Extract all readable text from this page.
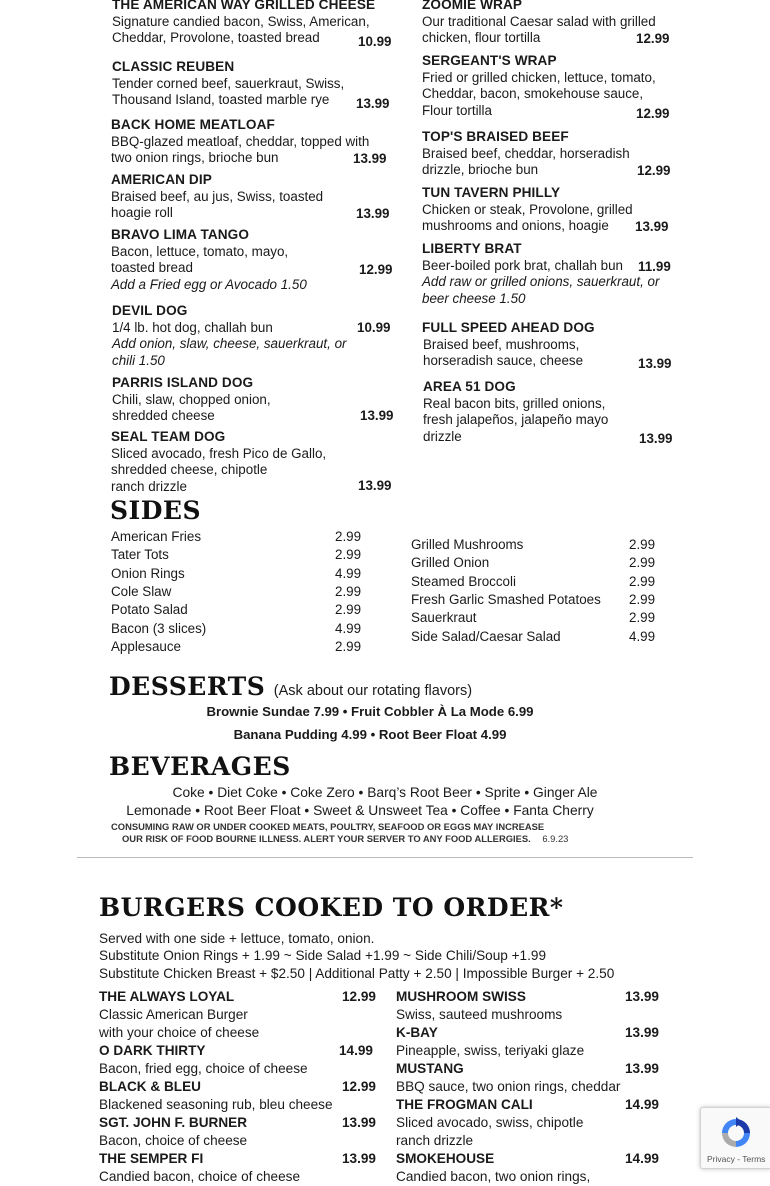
THE AMERICAN WAY GRILLED CHEESE
Signature candied bacon, Swiss, American,
Cheddar, Provolone, toasted bread	10.99
CLASSIC REUBEN
Tender corned beef, sauerkraut, Swiss,
Thousand Island, toasted marble rye	13.99
BACK HOME MEATLOAF
BBQ-glazed meatloaf, cheddar, topped with
two onion rings, brioche bun	13.99
AMERICAN DIP
Braised beef, au jus, Swiss, toasted
hoagie roll	13.99
BRAVO LIMA TANGO
Bacon, lettuce, tomato, mayo,
toasted bread
Add a Fried egg or Avocado 1.50
12.99
DEVIL DOG
1/4 lb. hot dog, challah bun
Add onion, slaw, cheese, sauerkraut, or
chili 1.50
10.99
PARRIS ISLAND DOG
Chili, slaw, chopped onion,
shredded cheese	13.99
SEAL TEAM DOG
Sliced avocado, fresh Pico de Gallo,
shredded cheese, chipotle
ranch drizzle	13.99
ZOOMIE WRAP
Our traditional Caesar salad with grilled
chicken, flour tortilla	12.99
SERGEANT'S WRAP
Fried or grilled chicken, lettuce, tomato,
Cheddar, bacon, smokehouse sauce,
Flour tortilla	12.99
TOP'S BRAISED BEEF
Braised beef, cheddar, horseradish
drizzle, brioche bun	12.99
TUN TAVERN PHILLY
Chicken or steak, Provolone, grilled
mushrooms and onions, hoagie	13.99
LIBERTY BRAT
Beer-boiled pork brat, challah bun
Add raw or grilled onions, sauerkraut, or
beer cheese 1.50
11.99
FULL SPEED AHEAD DOG
Braised beef, mushrooms,
horseradish sauce, cheese	13.99
AREA 51 DOG
Real bacon bits, grilled onions,
fresh jalapeños, jalapeño mayo
drizzle	13.99
SIDES
American Fries	2.99
Tater Tots	2.99
Onion Rings	4.99
Cole Slaw	2.99
Potato Salad	2.99
Bacon (3 slices)	4.99
Applesauce	2.99
Grilled Mushrooms	2.99
Grilled Onion	2.99
Steamed Broccoli	2.99
Fresh Garlic Smashed Potatoes 2.99
Sauerkraut	2.99
Side Salad/Caesar Salad	4.99
DESSERTS (Ask about our rotating flavors)
Brownie Sundae 7.99 • Fruit Cobbler À La Mode 6.99
Banana Pudding 4.99 • Root Beer Float 4.99
BEVERAGES
Coke • Diet Coke • Coke Zero • Barq’s Root Beer • Sprite • Ginger Ale
Lemonade • Root Beer Float • Sweet & Unsweet Tea • Coffee • Fanta Cherry
CONSUMING RAW OR UNDER COOKED MEATS, POULTRY, SEAFOOD OR EGGS MAY INCREASE
OUR RISK OF FOOD BOURNE ILLNESS. ALERT YOUR SERVER TO ANY FOOD ALLERGIES. 6.9.23
BURGERS COOKED TO ORDER*
Served with one side + lettuce, tomato, onion.
Substitute Onion Rings + 1.99 ~ Side Salad +1.99 ~ Side Chili/Soup +1.99
Substitute Chicken Breast + $2.50 | Additional Patty + 2.50 | Impossible Burger + 2.50
THE ALWAYS LOYAL	12.99
Classic American Burger
with your choice of cheese
O DARK THIRTY	14.99
Bacon, fried egg, choice of cheese
BLACK & BLEU	12.99
Blackened seasoning rub, bleu cheese
SGT. JOHN F. BURNER	13.99
Bacon, choice of cheese
THE SEMPER FI	13.99
Candied bacon, choice of cheese
MUSHROOM SWISS	13.99
Swiss, sauteed mushrooms
K-BAY	13.99
Pineapple, swiss, teriyaki glaze
MUSTANG	13.99
BBQ sauce, two onion rings, cheddar
THE FROGMAN CALI	14.99
Sliced avocado, swiss, chipotle
ranch drizzle
SMOKEHOUSE	14.99
Candied bacon, two onion rings,
Privacy - Terms
